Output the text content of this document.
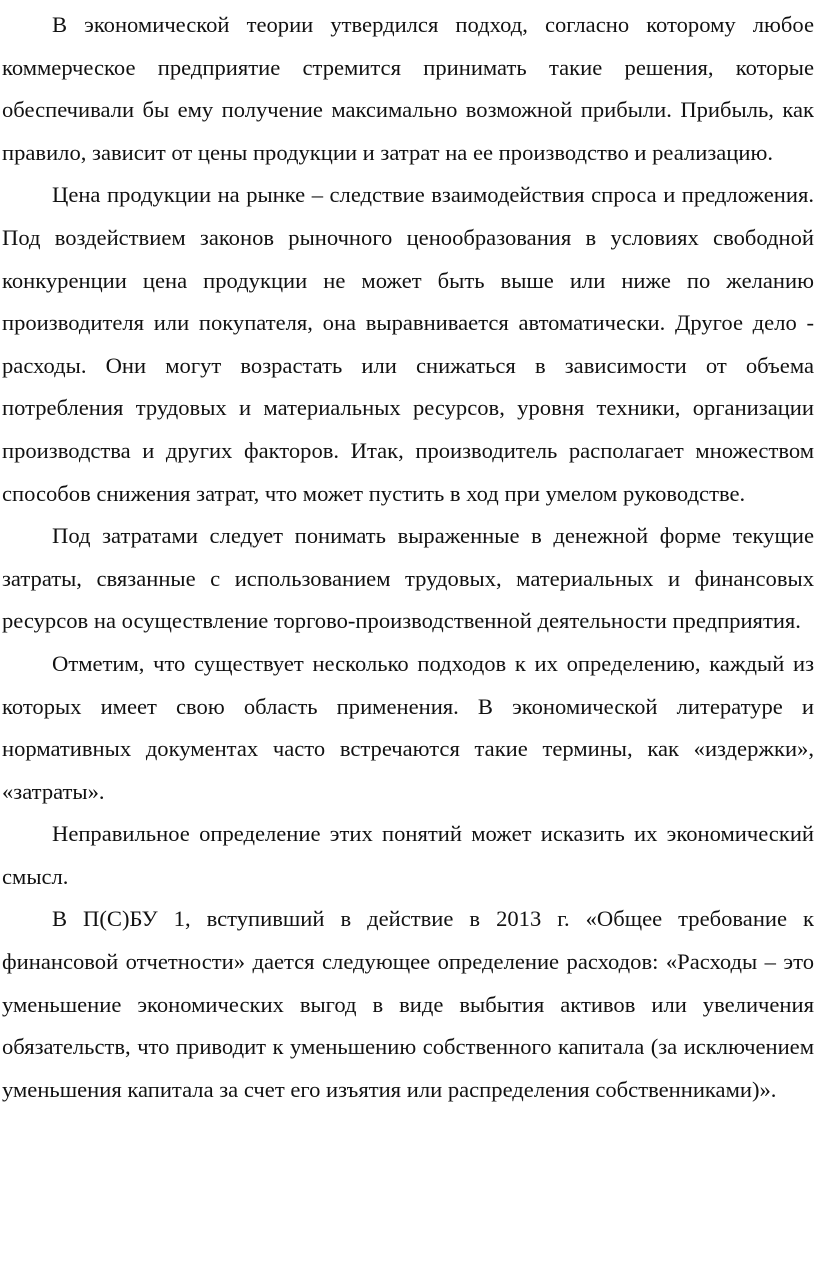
В экономической теории утвердился подход, согласно которому любое коммерческое предприятие стремится принимать такие решения, которые обеспечивали бы ему получение максимально возможной прибыли. Прибыль, как правило, зависит от цены продукции и затрат на ее производство и реализацию.

Цена продукции на рынке – следствие взаимодействия спроса и предложения. Под воздействием законов рыночного ценообразования в условиях свободной конкуренции цена продукции не может быть выше или ниже по желанию производителя или покупателя, она выравнивается автоматически. Другое дело - расходы. Они могут возрастать или снижаться в зависимости от объема потребления трудовых и материальных ресурсов, уровня техники, организации производства и других факторов. Итак, производитель располагает множеством способов снижения затрат, что может пустить в ход при умелом руководстве.

Под затратами следует понимать выраженные в денежной форме текущие затраты, связанные с использованием трудовых, материальных и финансовых ресурсов на осуществление торгово-производственной деятельности предприятия.

Отметим, что существует несколько подходов к их определению, каждый из которых имеет свою область применения. В экономической литературе и нормативных документах часто встречаются такие термины, как «издержки», «затраты».

Неправильное определение этих понятий может исказить их экономический смысл.

В П(С)БУ 1, вступивший в действие в 2013 г. «Общее требование к финансовой отчетности» дается следующее определение расходов: «Расходы – это уменьшение экономических выгод в виде выбытия активов или увеличения обязательств, что приводит к уменьшению собственного капитала (за исключением уменьшения капитала за счет его изъятия или распределения собственниками)».
